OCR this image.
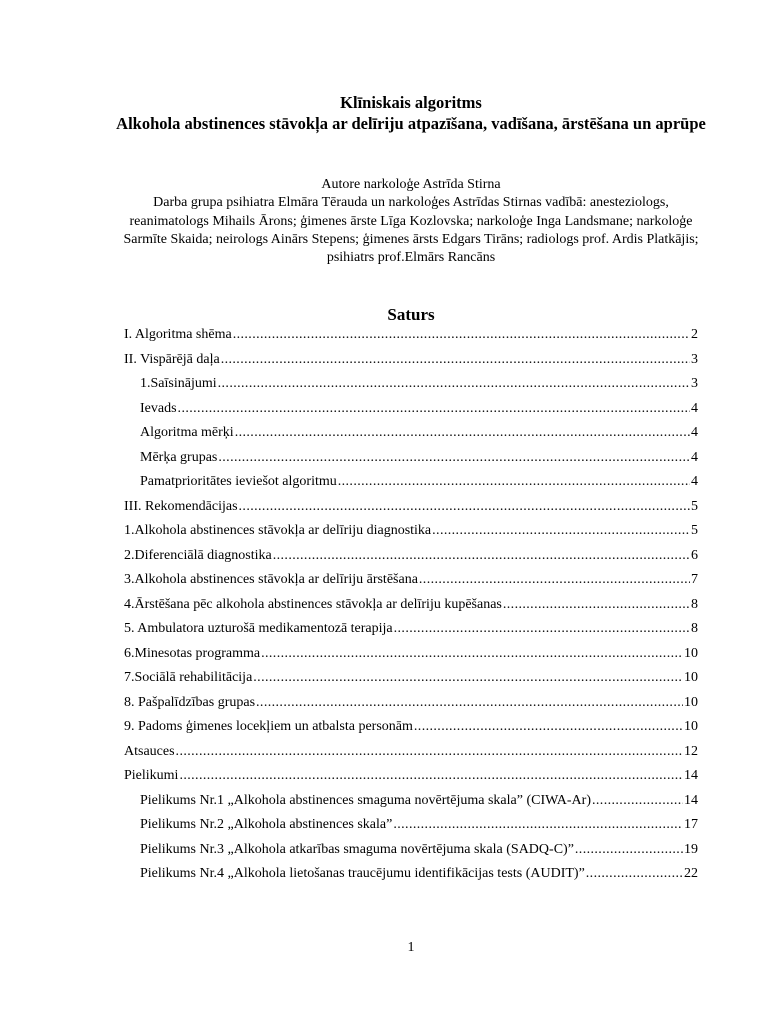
Klīniskais algoritms
Alkohola abstinences stāvokļa ar delīriju atpazīšana, vadīšana, ārstēšana un aprūpe
Autore narkoloģe Astrīda Stirna
Darba grupa psihiatra Elmāra Tērauda un narkoloģes Astrīdas Stirnas vadībā: anesteziologs, reanimatologs Mihails Ārons; ģimenes ārste Līga Kozlovska; narkoloģe Inga Landsmane; narkoloģe Sarmīte Skaida; neirologs Ainārs Stepens; ģimenes ārsts Edgars Tirāns; radiologs prof. Ardis Platkājis; psihiatrs prof.Elmārs Rancāns
Saturs
I. Algoritma shēma .....	2
II. Vispārējā daļa .....	3
1.Saīsinājumi .....	3
Ievads .....	4
Algoritma mērķi .....	4
Mērķa grupas .....	4
Pamatprioritātes ieviešot algoritmu .....	4
III. Rekomendācijas .....	5
1.Alkohola abstinences stāvokļa ar delīriju diagnostika .....	5
2.Diferenciālā diagnostika .....	6
3.Alkohola abstinences stāvokļa ar delīriju ārstēšana .....	7
4.Ārstēšana pēc alkohola abstinences stāvokļa ar delīriju kupēšanas .....	8
5. Ambulatora uzturošā medikamentozā terapija .....	8
6.Minesotas programma .....	10
7.Sociālā rehabilitācija .....	10
8. Pašpalīdzības grupas .....	10
9. Padoms ģimenes locekļiem un atbalsta personām .....	10
Atsauces .....	12
Pielikumi .....	14
Pielikums Nr.1 „Alkohola abstinences smaguma novērtējuma skala” (CIWA-Ar) .....	14
Pielikums Nr.2 „Alkohola abstinences skala” .....	17
Pielikums Nr.3 „Alkohola atkarības smaguma novērtējuma skala (SADQ-C)” .....	19
Pielikums Nr.4 „Alkohola lietošanas traucējumu identifikācijas tests (AUDIT)” .....	22
1
